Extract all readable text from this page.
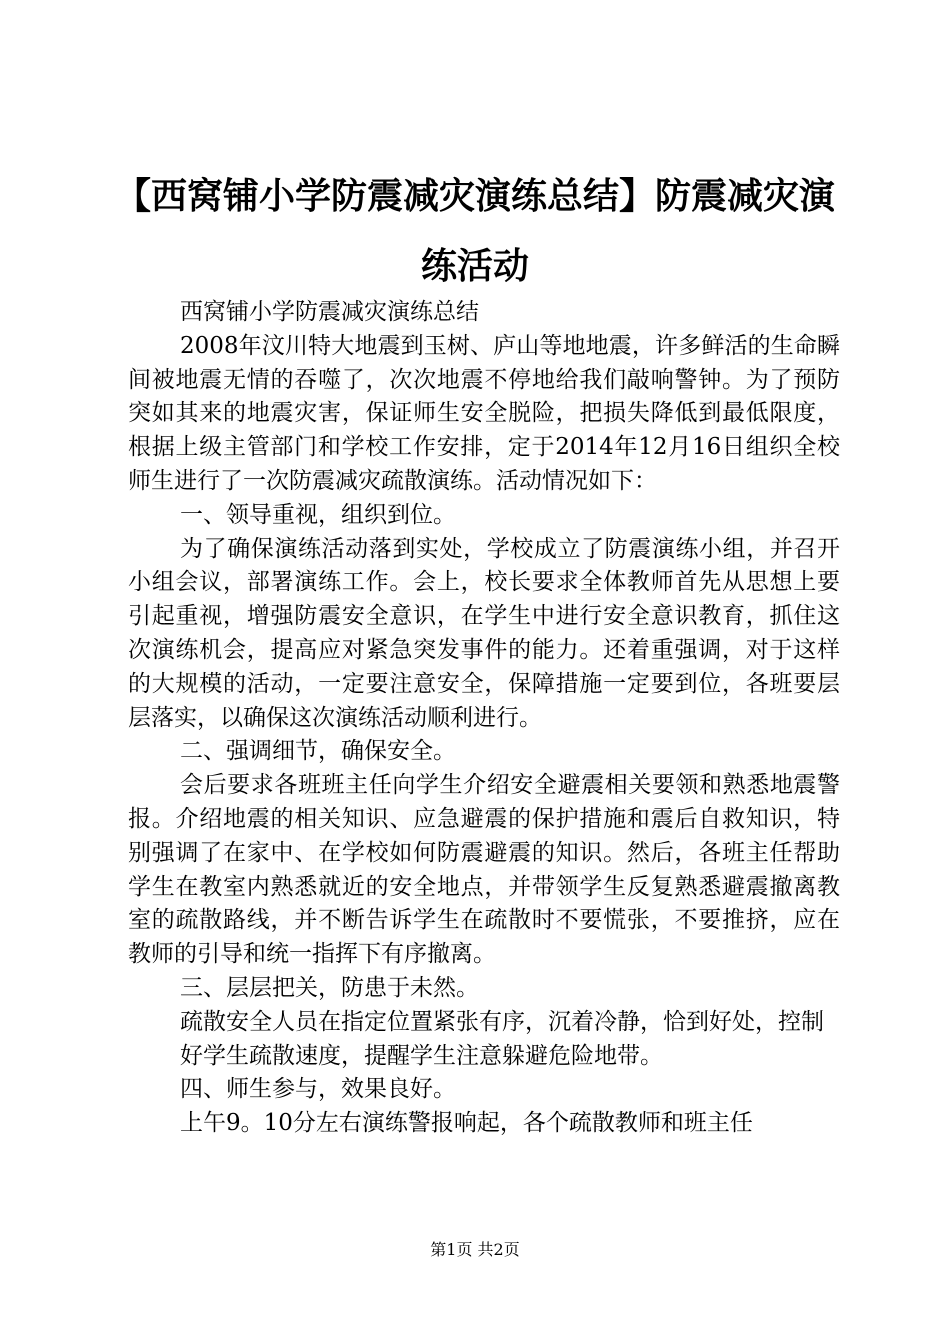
【西窝铺小学防震减灾演练总结】防震减灾演练活动

西窝铺小学防震减灾演练总结

2008年汶川特大地震到玉树、庐山等地地震，许多鲜活的生命瞬间被地震无情的吞噬了，次次地震不停地给我们敲响警钟。为了预防突如其来的地震灾害，保证师生安全脱险，把损失降低到最低限度，根据上级主管部门和学校工作安排，定于2014年12月16日组织全校师生进行了一次防震减灾疏散演练。活动情况如下：

一、领导重视，组织到位。

为了确保演练活动落到实处，学校成立了防震演练小组，并召开小组会议，部署演练工作。会上，校长要求全体教师首先从思想上要引起重视，增强防震安全意识，在学生中进行安全意识教育，抓住这次演练机会，提高应对紧急突发事件的能力。还着重强调，对于这样的大规模的活动，一定要注意安全，保障措施一定要到位，各班要层层落实，以确保这次演练活动顺利进行。

二、强调细节，确保安全。

会后要求各班班主任向学生介绍安全避震相关要领和熟悉地震警报。介绍地震的相关知识、应急避震的保护措施和震后自救知识，特别强调了在家中、在学校如何防震避震的知识。然后，各班主任帮助学生在教室内熟悉就近的安全地点，并带领学生反复熟悉避震撤离教室的疏散路线，并不断告诉学生在疏散时不要慌张，不要推挤，应在教师的引导和统一指挥下有序撤离。

三、层层把关，防患于未然。

疏散安全人员在指定位置紧张有序，沉着冷静，恰到好处，控制

好学生疏散速度，提醒学生注意躲避危险地带。

四、师生参与，效果良好。

上午9。10分左右演练警报响起，各个疏散教师和班主任

第1页 共2页
